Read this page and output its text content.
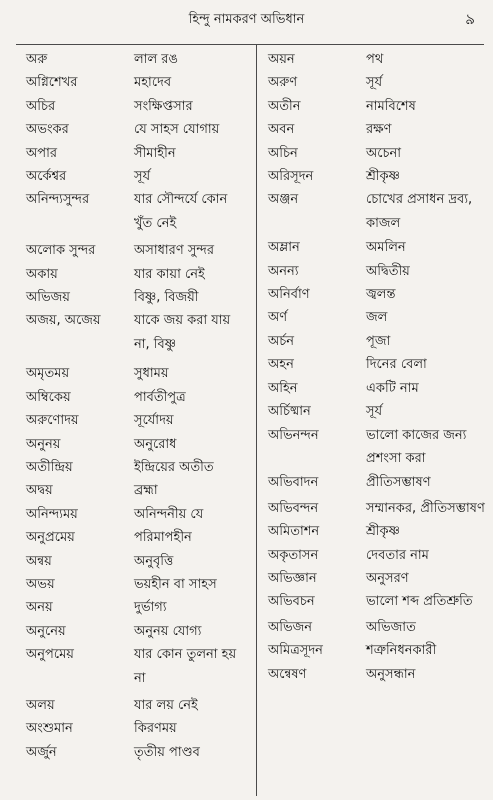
হিন্দু নামকরণ অভিধান	৯
অরু	লাল রঙ
অগ্নিশেখর	মহাদেব
অচির	সংক্ষিপ্তসার
অভংকর	যে সাহস যোগায়
অপার	সীমাহীন
অর্কেশ্বর	সূর্য
অনিন্দ্যসুন্দর	যার সৌন্দর্যে কোন খুঁত নেই
অলোক সুন্দর	অসাধারণ সুন্দর
অকায়	যার কায়া নেই
অভিজয়	বিষ্ণু, বিজয়ী
অজয়, অজেয়	যাকে জয় করা যায় না, বিষ্ণু
অমৃতময়	সুধাময়
অম্বিকেয়	পার্বতীপুত্র
অরুণোদয়	সূর্যোদয়
অনুনয়	অনুরোধ
অতীন্দ্রিয়	ইন্দ্রিয়ের অতীত
অদ্বয়	ব্রহ্মা
অনিন্দ্যময়	অনিন্দনীয় যে
অনুপ্রমেয়	পরিমাপহীন
অন্বয়	অনুবৃত্তি
অভয়	ভয়হীন বা সাহস
অনয়	দুর্ভাগ্য
অনুনেয়	অনুনয় যোগ্য
অনুপমেয়	যার কোন তুলনা হয় না
অলয়	যার লয় নেই
অংশুমান	কিরণময়
অর্জুন	তৃতীয় পাণ্ডব
অয়ন	পথ
অরুণ	সূর্য
অতীন	নামবিশেষ
অবন	রক্ষণ
অচিন	অচেনা
অরিসূদন	শ্রীকৃষ্ণ
অঞ্জন	চোখের প্রসাধন দ্রব্য, কাজল
অম্লান	অমলিন
অনন্য	অদ্বিতীয়
অনির্বাণ	জ্বলন্ত
অর্ণ	জল
অর্চন	পূজা
অহন	দিনের বেলা
অহিন	একটি নাম
অর্চিষ্মান	সূর্য
অভিনন্দন	ভালো কাজের জন্য প্রশংসা করা
অভিবাদন	প্রীতিসম্ভাষণ
অভিবন্দন	সম্মানকর, প্রীতিসম্ভাষণ
অমিতাশন	শ্রীকৃষ্ণ
অকৃতাসন	দেবতার নাম
অভিজ্ঞান	অনুসরণ
অভিবচন	ভালো শব্দ প্রতিশ্রুতি
অভিজন	অভিজাত
অমিত্রসূদন	শত্রুনিধনকারী
অন্বেষণ	অনুসন্ধান
